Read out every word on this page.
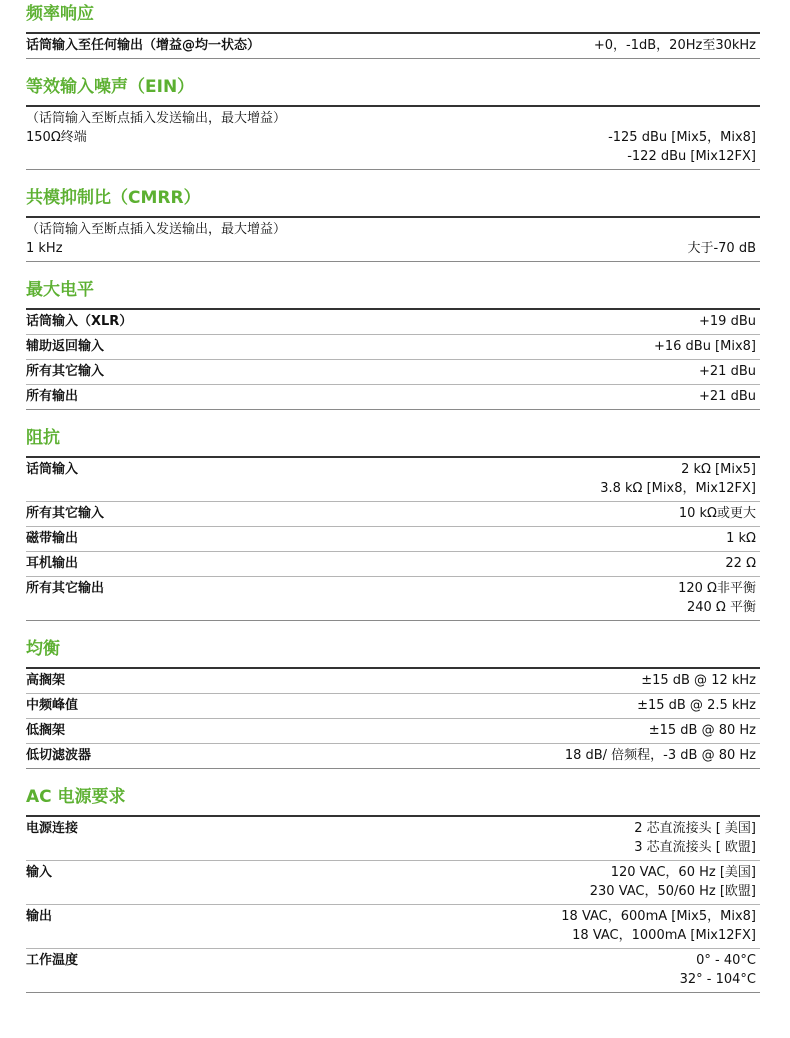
频率响应
话筒输入至任何输出（增益@均一状态）	+0，-1dB，20Hz至30kHz
等效输入噪声（EIN）
（话筒输入至断点插入发送输出，最大增益）
150Ω终端
	-125 dBu [Mix5，Mix8]
-122 dBu [Mix12FX]
共模抑制比（CMRR）
（话筒输入至断点插入发送输出，最大增益）
1 kHz
	大于-70 dB
最大电平
话筒输入（XLR）	+19 dBu
辅助返回输入	+16 dBu [Mix8]
所有其它输入	+21 dBu
所有输出	+21 dBu
阻抗
话筒输入	2 kΩ [Mix5]
3.8 kΩ [Mix8，Mix12FX]
所有其它输入	10 kΩ或更大
磁带输出	1 kΩ
耳机输出	22 Ω
所有其它输出	120 Ω非平衡
240 Ω 平衡
均衡
高搁架	±15 dB @ 12 kHz
中频峰值	±15 dB @ 2.5 kHz
低搁架	±15 dB @ 80 Hz
低切滤波器	18 dB/ 倍频程，-3 dB @ 80 Hz
AC 电源要求
电源连接	2 芯直流接头 [ 美国]
3 芯直流接头 [ 欧盟]
输入	120 VAC，60 Hz [美国]
230 VAC，50/60 Hz [欧盟]
输出	18 VAC，600mA [Mix5，Mix8]
18 VAC，1000mA [Mix12FX]
工作温度	0° - 40°C
32° - 104°C
